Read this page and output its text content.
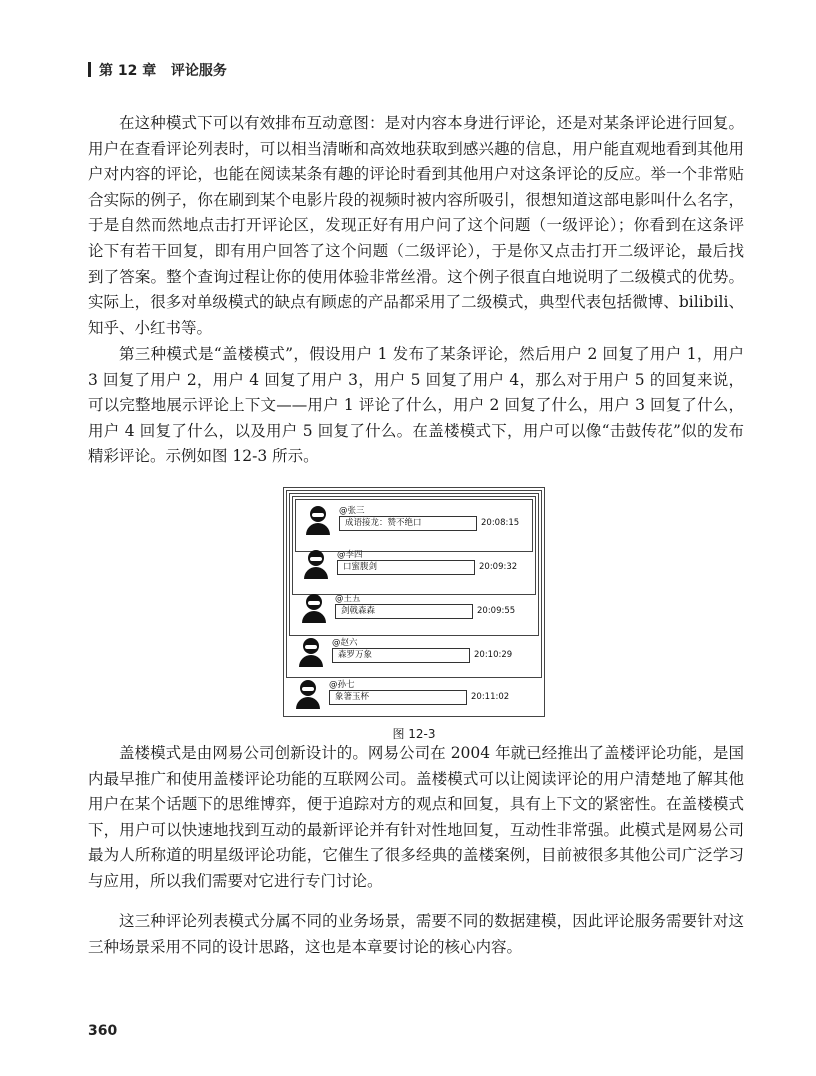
第 12 章 评论服务

在这种模式下可以有效排布互动意图：是对内容本身进行评论，还是对某条评论进行回复。用户在查看评论列表时，可以相当清晰和高效地获取到感兴趣的信息，用户能直观地看到其他用户对内容的评论，也能在阅读某条有趣的评论时看到其他用户对这条评论的反应。举一个非常贴合实际的例子，你在刷到某个电影片段的视频时被内容所吸引，很想知道这部电影叫什么名字，于是自然而然地点击打开评论区，发现正好有用户问了这个问题（一级评论）；你看到在这条评论下有若干回复，即有用户回答了这个问题（二级评论），于是你又点击打开二级评论，最后找到了答案。整个查询过程让你的使用体验非常丝滑。这个例子很直白地说明了二级模式的优势。实际上，很多对单级模式的缺点有顾虑的产品都采用了二级模式，典型代表包括微博、bilibili、知乎、小红书等。

第三种模式是“盖楼模式”，假设用户 1 发布了某条评论，然后用户 2 回复了用户 1，用户 3 回复了用户 2，用户 4 回复了用户 3，用户 5 回复了用户 4，那么对于用户 5 的回复来说，可以完整地展示评论上下文——用户 1 评论了什么，用户 2 回复了什么，用户 3 回复了什么，用户 4 回复了什么，以及用户 5 回复了什么。在盖楼模式下，用户可以像“击鼓传花”似的发布精彩评论。示例如图 12-3 所示。

@张三
成语接龙：赞不绝口	20:08:15
@李四
口蜜腹剑	20:09:32
@王五
剑戟森森	20:09:55
@赵六
森罗万象	20:10:29
@孙七
象箸玉杯	20:11:02
图 12-3

盖楼模式是由网易公司创新设计的。网易公司在 2004 年就已经推出了盖楼评论功能，是国内最早推广和使用盖楼评论功能的互联网公司。盖楼模式可以让阅读评论的用户清楚地了解其他用户在某个话题下的思维博弈，便于追踪对方的观点和回复，具有上下文的紧密性。在盖楼模式下，用户可以快速地找到互动的最新评论并有针对性地回复，互动性非常强。此模式是网易公司最为人所称道的明星级评论功能，它催生了很多经典的盖楼案例，目前被很多其他公司广泛学习与应用，所以我们需要对它进行专门讨论。

这三种评论列表模式分属不同的业务场景，需要不同的数据建模，因此评论服务需要针对这三种场景采用不同的设计思路，这也是本章要讨论的核心内容。

360
